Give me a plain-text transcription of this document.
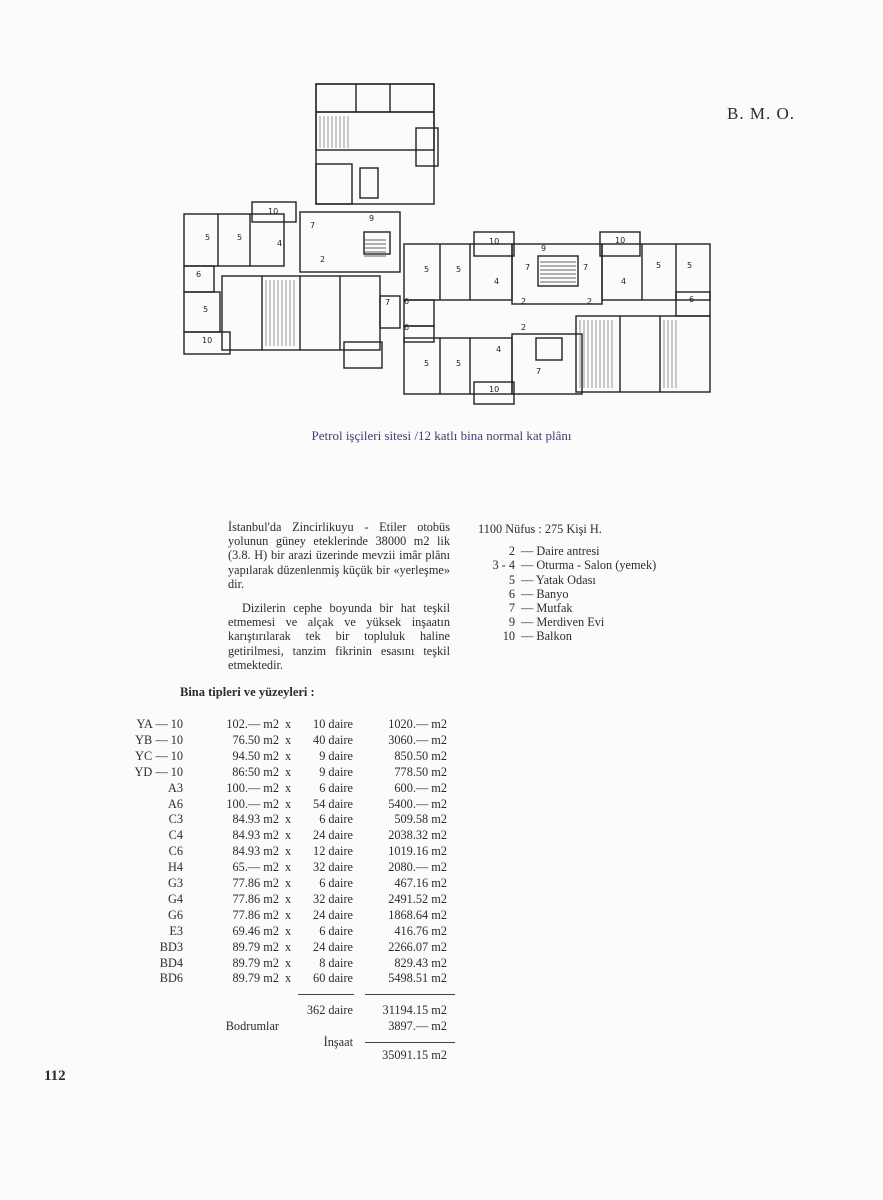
B. M. O.
10
9
7
5	5
4
2
6
5
7
10
10
9
10
5	5	7	7
4	4
5	5
6	2	2	6
6	2
4
5	5
7
10
Petrol işçileri sitesi /12 katlı bina normal kat plânı

İstanbul'da Zincirlikuyu - Etiler otobüs yolunun güney eteklerinde 38000 m2 lik (3.8. H) bir arazi üzerinde mevzii imâr plânı yapılarak düzenlenmiş küçük bir «yerleşme» dir.

Dizilerin cephe boyunda bir hat teşkil etmemesi ve alçak ve yüksek inşaatın karıştırılarak tek bir topluluk haline getirilmesi, tanzim fikrinin esasını teşkil etmektedir.

1100 Nüfus : 275 Kişi H.
2 — Daire antresi
3 - 4 — Oturma - Salon (yemek)
5 — Yatak Odası
6 — Banyo
7 — Mutfak
9 — Merdiven Evi
10 — Balkon
Bina tipleri ve yüzeyleri :
YA — 10	102.— m2 x 10 daire	1020.— m2
YB — 10	76.50 m2 x 40 daire	3060.— m2
YC — 10	94.50 m2 x 9 daire	850.50 m2
YD — 10	86:50 m2 x 9 daire	778.50 m2
A3	100.— m2 x 6 daire	600.— m2
A6	100.— m2 x 54 daire	5400.— m2
C3	84.93 m2 x 6 daire	509.58 m2
C4	84.93 m2 x 24 daire	2038.32 m2
C6	84.93 m2 x 12 daire	1019.16 m2
H4	65.— m2 x 32 daire	2080.— m2
G3	77.86 m2 x 6 daire	467.16 m2
G4	77.86 m2 x 32 daire	2491.52 m2
G6	77.86 m2 x 24 daire	1868.64 m2
E3	69.46 m2 x 6 daire	416.76 m2
BD3	89.79 m2 x 24 daire	2266.07 m2
BD4	89.79 m2 x 8 daire	829.43 m2
BD6	89.79 m2 x 60 daire	5498.51 m2
362 daire 31194.15 m2
Bodrumlar	3897.— m2
İnşaat
35091.15 m2
112
